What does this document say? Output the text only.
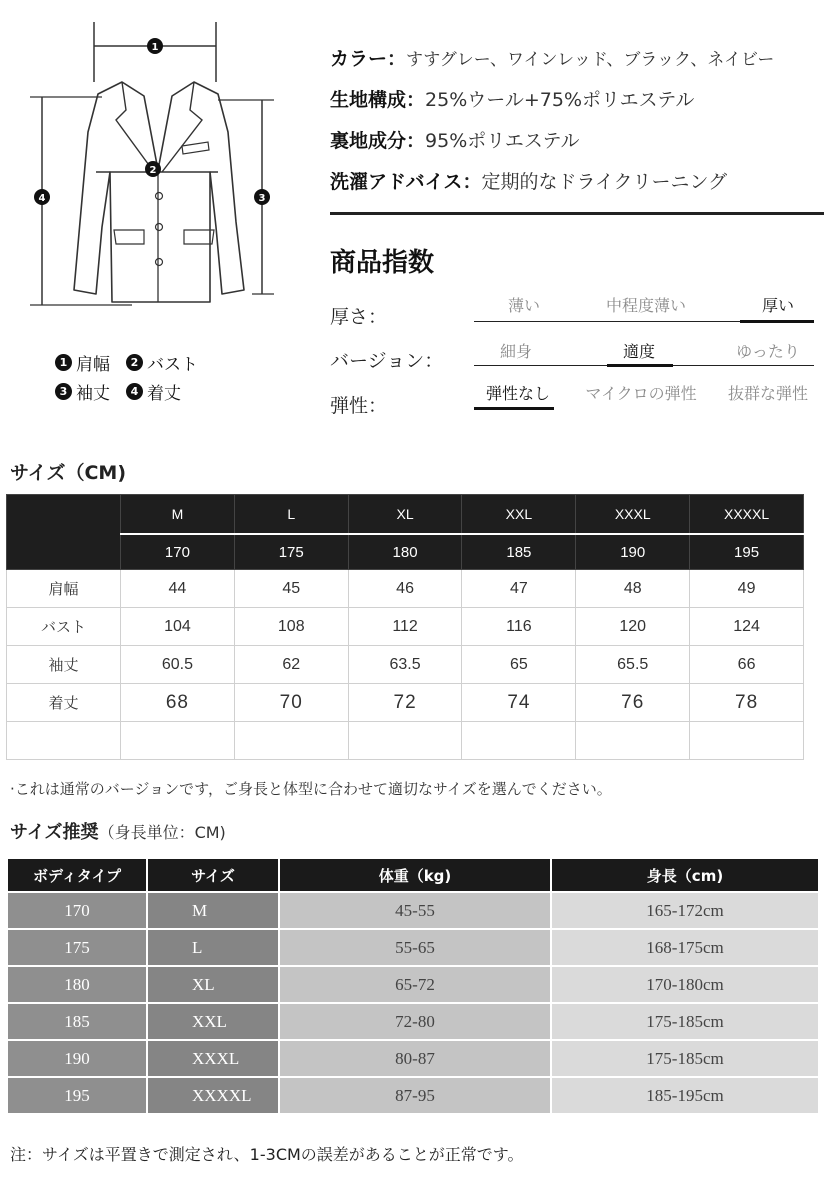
1
4	3
2
1 肩幅	2 バスト
3 袖丈	4 着丈
カラー：すすグレー、ワインレッド、ブラック、ネイビー
生地構成：25%ウール+75%ポリエステル
裏地成分：95%ポリエステル
洗濯アドバイス：定期的なドライクリーニング
商品指数
厚さ：
薄い	中程度薄い	厚い
バージョン：	細身	適度	ゆったり
弾性：
弾性なし	マイクロの弾性	抜群な弾性
サイズ（CM)
	M	L	XL	XXL	XXXL	XXXXL
	170	175	180	185	190	195
肩幅	44	45	46	47	48	49
バスト	104	108	112	116	120	124
袖丈	60.5	62	63.5	65	65.5	66
着丈	68	70	72	74	76	78

·これは通常のバージョンです，ご身長と体型に合わせて適切なサイズを選んでください。
サイズ推奨（身長単位：CM)
ボディタイプ	サイズ	体重（kg)	身長（cm)
170	M	45-55	165-172cm
175	L	55-65	168-175cm
180	XL	65-72	170-180cm
185	XXL	72-80	175-185cm
190	XXXL	80-87	175-185cm
195	XXXXL	87-95	185-195cm
注：サイズは平置きで測定され、1-3CMの誤差があることが正常です。
